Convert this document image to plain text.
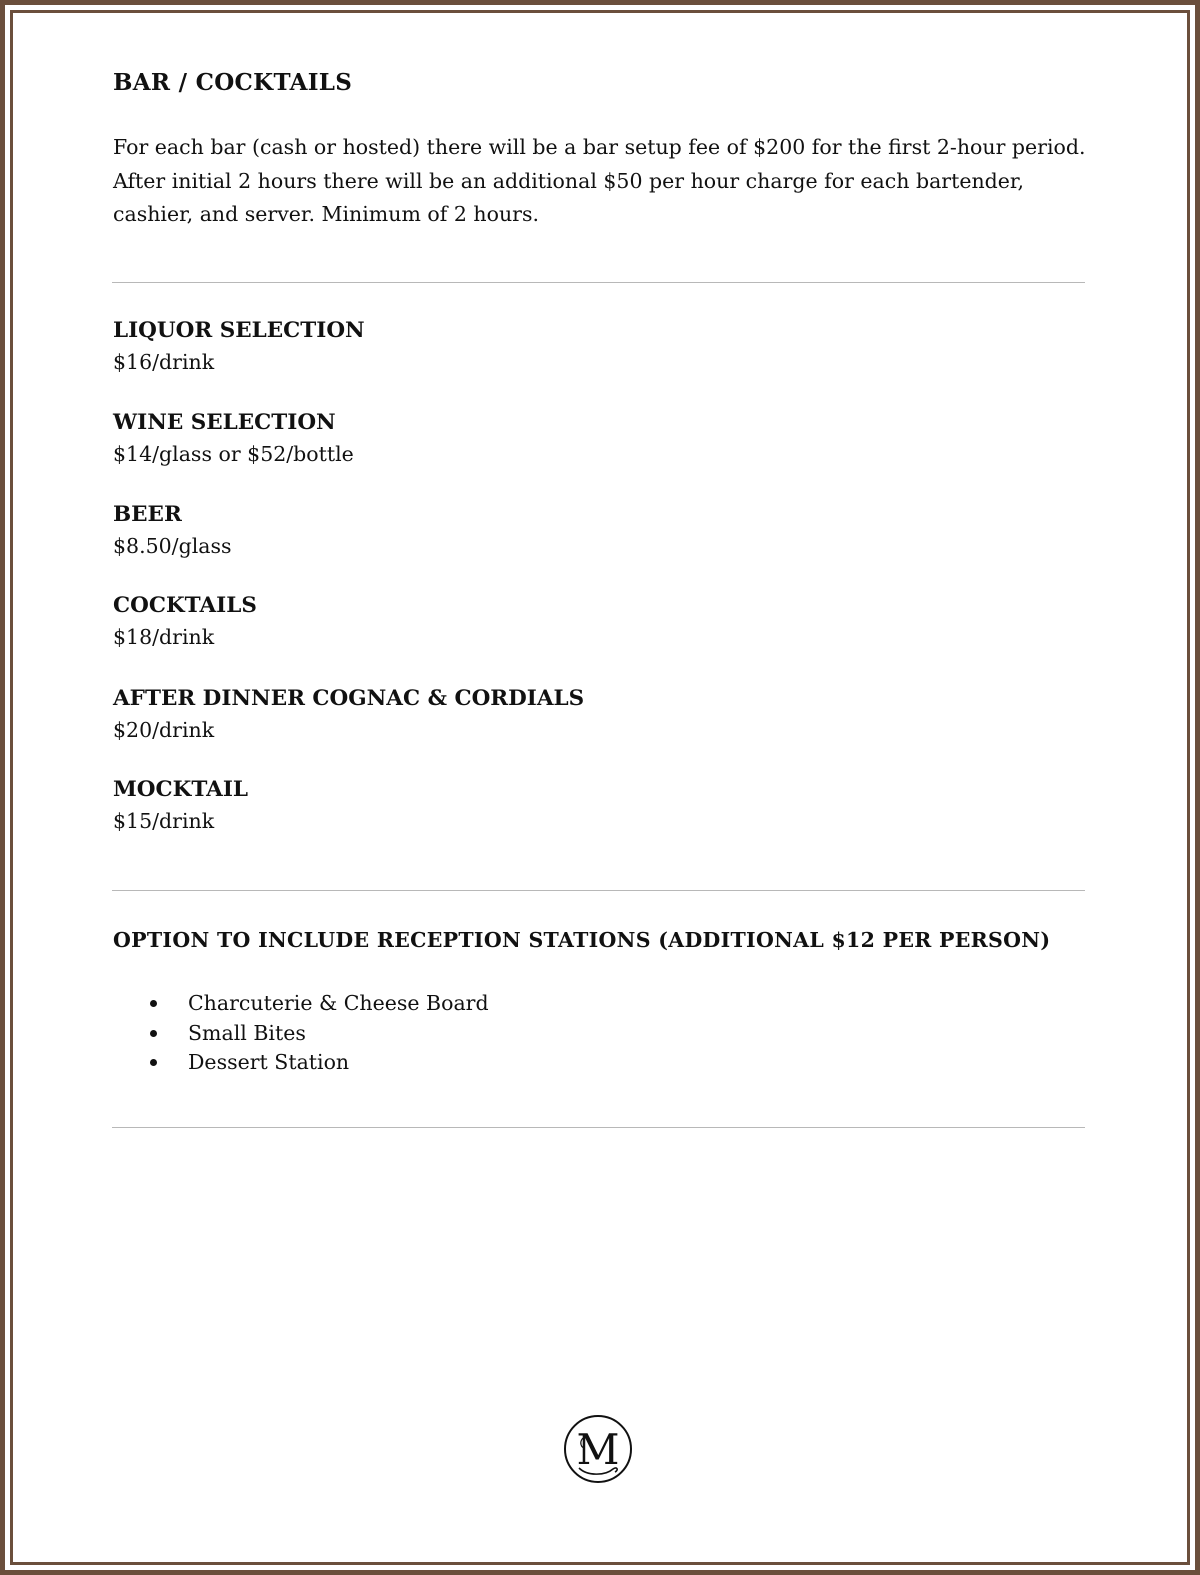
BAR / COCKTAILS

For each bar (cash or hosted) there will be a bar setup fee of $200 for the first 2-hour period. After initial 2 hours there will be an additional $50 per hour charge for each bartender, cashier, and server. Minimum of 2 hours.

LIQUOR SELECTION

$16/drink

WINE SELECTION

$14/glass or $52/bottle

BEER

$8.50/glass

COCKTAILS

$18/drink

AFTER DINNER COGNAC & CORDIALS

$20/drink

MOCKTAIL

$15/drink

OPTION TO INCLUDE RECEPTION STATIONS (ADDITIONAL $12 PER PERSON)
Charcuterie & Cheese Board
Small Bites
Dessert Station
M
